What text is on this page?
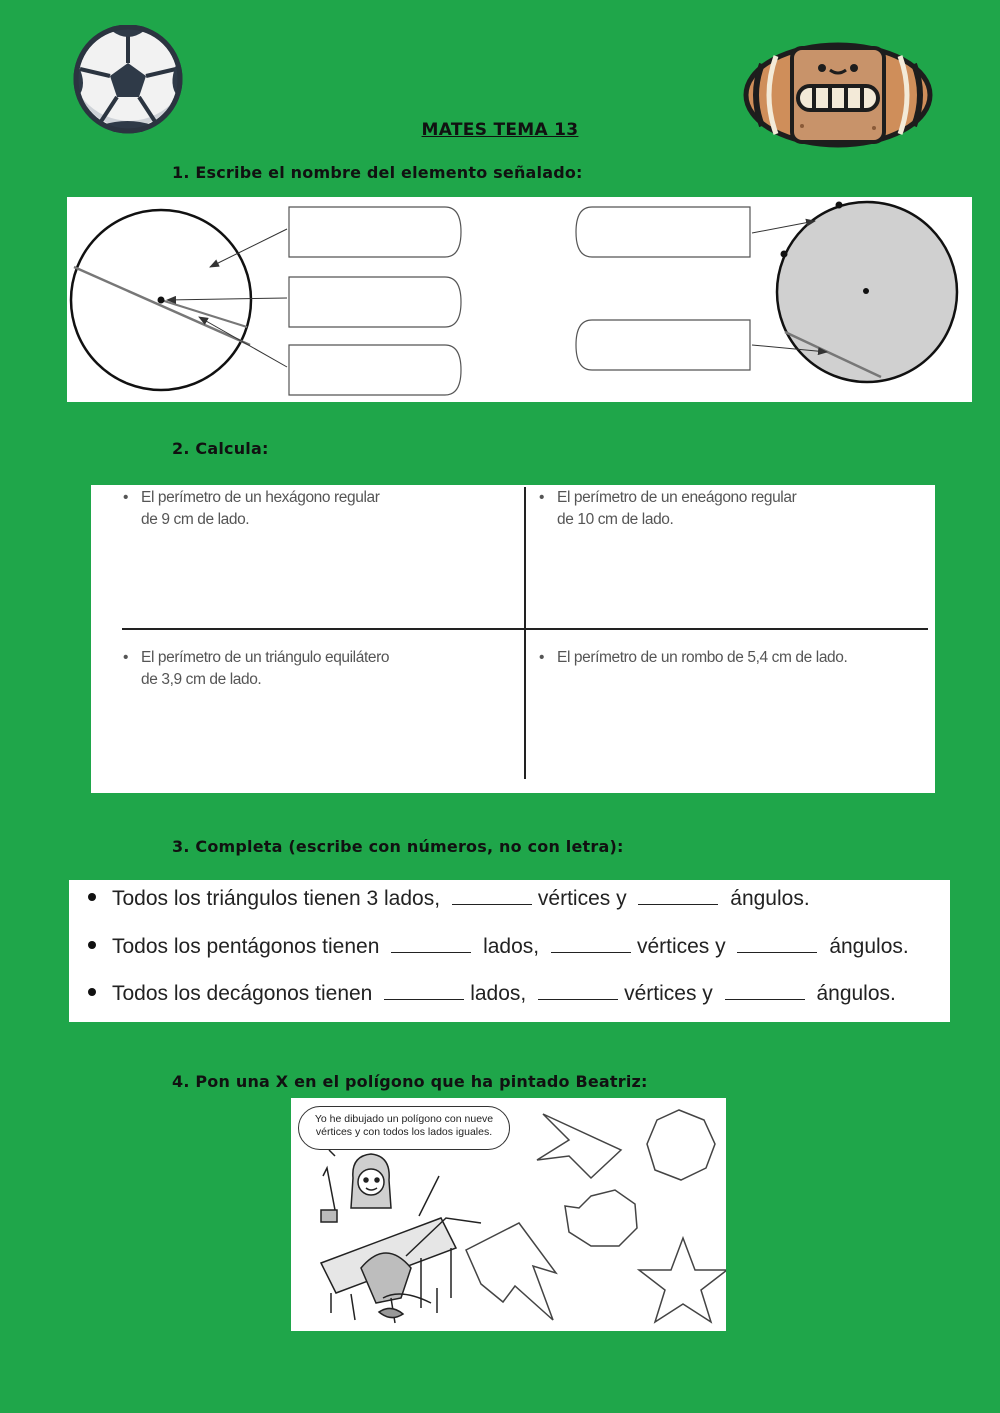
MATES TEMA 13
1. Escribe el nombre del elemento señalado:
2. Calcula:
• El perímetro de un hexágono regular
de 9 cm de lado.
• El perímetro de un eneágono regular
de 10 cm de lado.
• El perímetro de un triángulo equilátero
de 3,9 cm de lado.
• El perímetro de un rombo de 5,4 cm de lado.
3. Completa (escribe con números, no con letra):
Todos los triángulos tienen 3 lados,	vértices y	ángulos.
Todos los pentágonos tienen	lados,	vértices y	ángulos.
Todos los decágonos tienen	lados,	vértices y	ángulos.
4. Pon una X en el polígono que ha pintado Beatriz:
Yo he dibujado un polígono con nueve
vértices y con todos los lados iguales.
